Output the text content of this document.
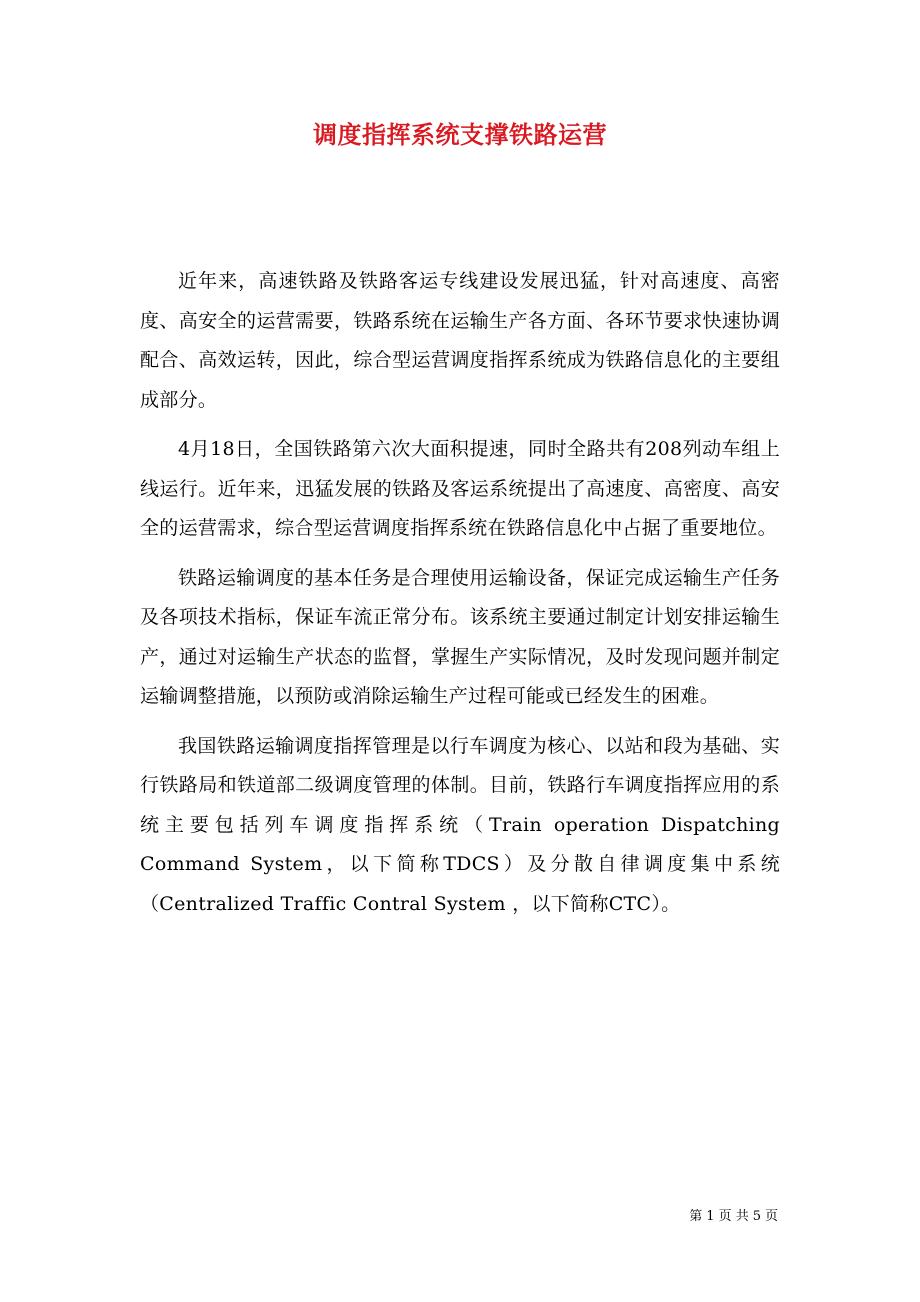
调度指挥系统支撑铁路运营

近年来，高速铁路及铁路客运专线建设发展迅猛，针对高速度、高密度、高安全的运营需要，铁路系统在运输生产各方面、各环节要求快速协调配合、高效运转，因此，综合型运营调度指挥系统成为铁路信息化的主要组成部分。

4月18日，全国铁路第六次大面积提速，同时全路共有208列动车组上线运行。近年来，迅猛发展的铁路及客运系统提出了高速度、高密度、高安全的运营需求，综合型运营调度指挥系统在铁路信息化中占据了重要地位。

铁路运输调度的基本任务是合理使用运输设备，保证完成运输生产任务及各项技术指标，保证车流正常分布。该系统主要通过制定计划安排运输生产，通过对运输生产状态的监督，掌握生产实际情况，及时发现问题并制定运输调整措施，以预防或消除运输生产过程可能或已经发生的困难。

我国铁路运输调度指挥管理是以行车调度为核心、以站和段为基础、实行铁路局和铁道部二级调度管理的体制。目前，铁路行车调度指挥应用的系统主要包括列车调度指挥系统（Train operation Dispatching Command System，以下简称TDCS）及分散自律调度集中系统（Centralized Traffic Contral System ，以下简称CTC）。

第 1 页 共 5 页
